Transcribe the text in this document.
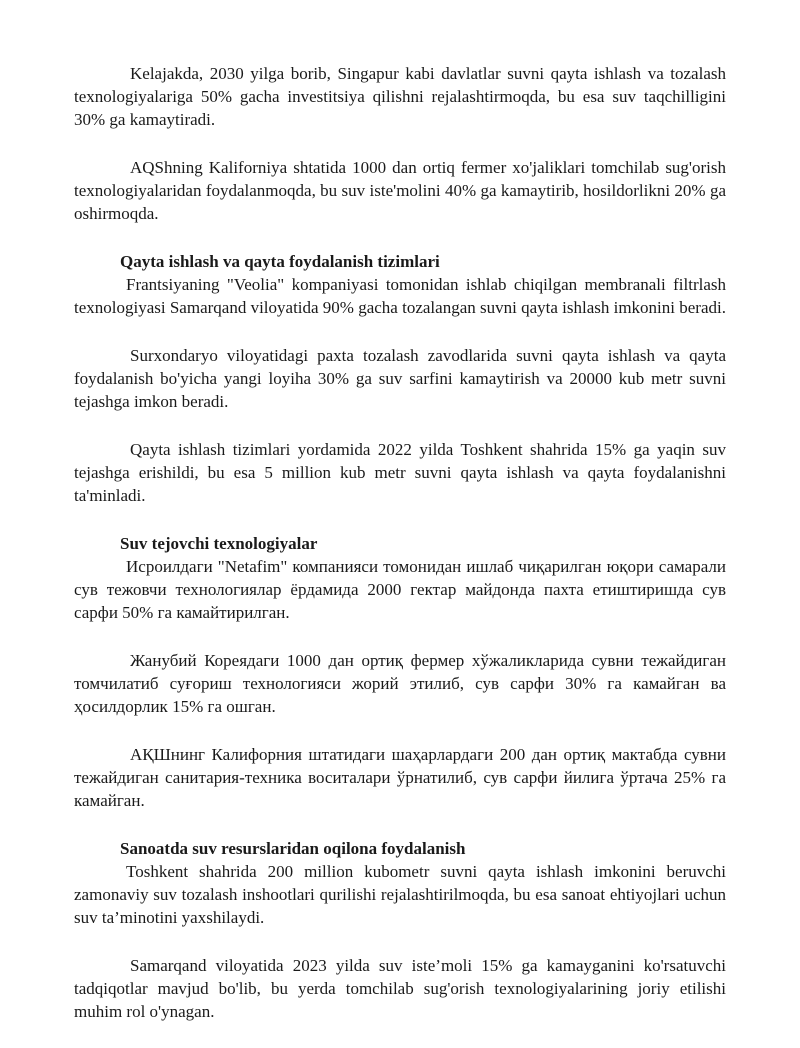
Kelajakda, 2030 yilga borib, Singapur kabi davlatlar suvni qayta ishlash va tozalash texnologiyalariga 50% gacha investitsiya qilishni rejalashtirmoqda, bu esa suv taqchilligini 30% ga kamaytiradi.

AQShning Kaliforniya shtatida 1000 dan ortiq fermer xo'jaliklari tomchilab sug'orish texnologiyalaridan foydalanmoqda, bu suv iste'molini 40% ga kamaytirib, hosildorlikni 20% ga oshirmoqda.

Qayta ishlash va qayta foydalanish tizimlari

Frantsiyaning "Veolia" kompaniyasi tomonidan ishlab chiqilgan membranali filtrlash texnologiyasi Samarqand viloyatida 90% gacha tozalangan suvni qayta ishlash imkonini beradi.

Surxondaryo viloyatidagi paxta tozalash zavodlarida suvni qayta ishlash va qayta foydalanish bo'yicha yangi loyiha 30% ga suv sarfini kamaytirish va 20000 kub metr suvni tejashga imkon beradi.

Qayta ishlash tizimlari yordamida 2022 yilda Toshkent shahrida 15% ga yaqin suv tejashga erishildi, bu esa 5 million kub metr suvni qayta ishlash va qayta foydalanishni ta'minladi.

Suv tejovchi texnologiyalar

Исроилдаги "Netafim" компанияси томонидан ишлаб чиқарилган юқори самарали сув тежовчи технологиялар ёрдамида 2000 гектар майдонда пахта етиштиришда сув сарфи 50% га камайтирилган.

Жанубий Кореядаги 1000 дан ортиқ фермер хўжаликларида сувни тежайдиган томчилатиб суғориш технологияси жорий этилиб, сув сарфи 30% га камайган ва ҳосилдорлик 15% га ошган.

АҚШнинг Калифорния штатидаги шаҳарлардаги 200 дан ортиқ мактабда сувни тежайдиган санитария-техника воситалари ўрнатилиб, сув сарфи йилига ўртача 25% га камайган.

Sanoatda suv resurslaridan oqilona foydalanish

Toshkent shahrida 200 million kubometr suvni qayta ishlash imkonini beruvchi zamonaviy suv tozalash inshootlari qurilishi rejalashtirilmoqda, bu esa sanoat ehtiyojlari uchun suv ta’minotini yaxshilaydi.

Samarqand viloyatida 2023 yilda suv iste’moli 15% ga kamayganini ko'rsatuvchi tadqiqotlar mavjud bo'lib, bu yerda tomchilab sug'orish texnologiyalarining joriy etilishi muhim rol o'ynagan.
